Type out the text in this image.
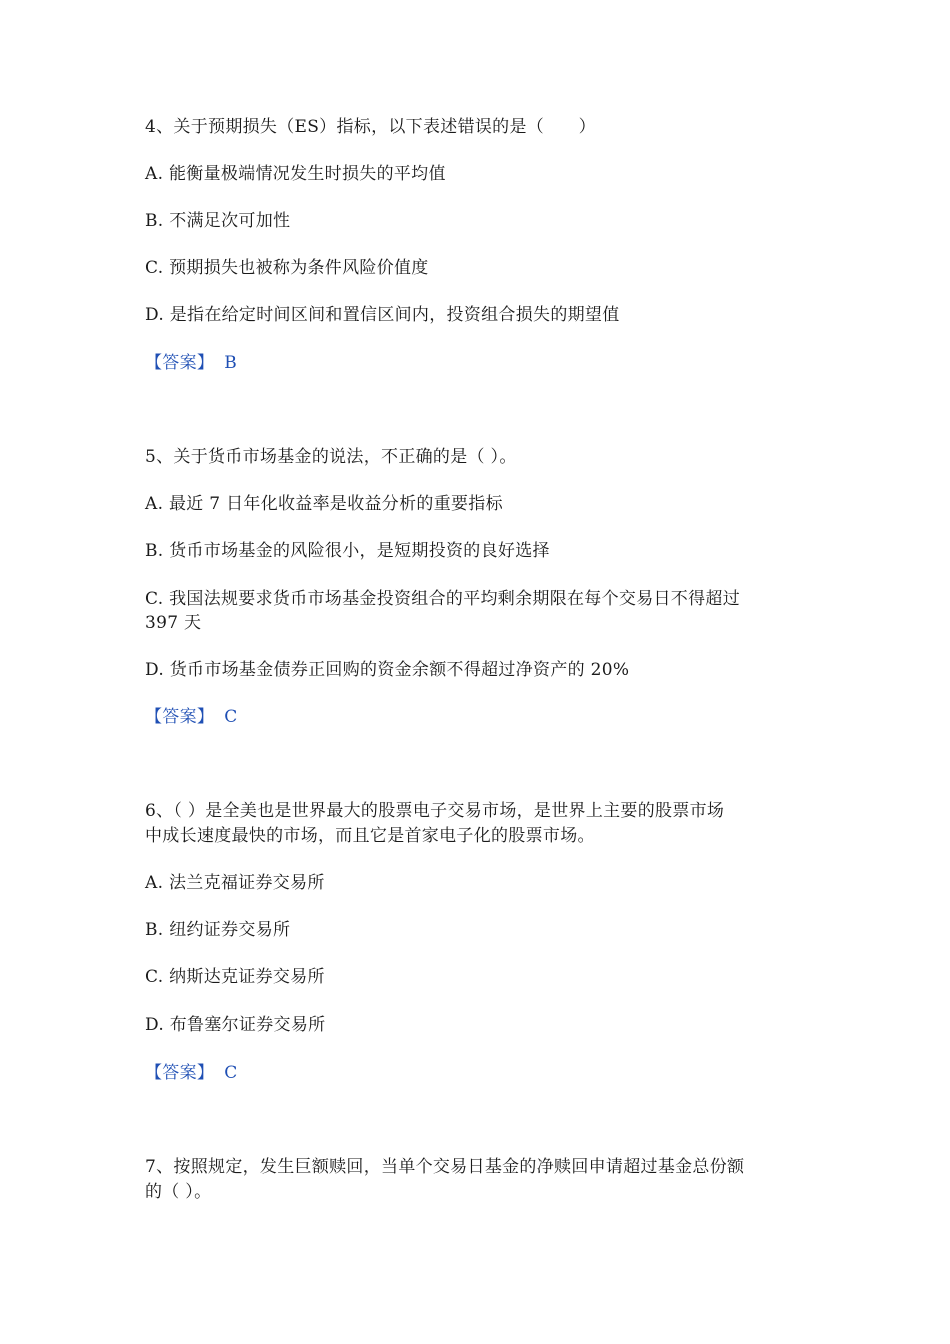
4、关于预期损失（ES）指标，以下表述错误的是（　　）
A. 能衡量极端情况发生时损失的平均值
B. 不满足次可加性
C. 预期损失也被称为条件风险价值度
D. 是指在给定时间区间和置信区间内，投资组合损失的期望值
【答案】 B
5、关于货币市场基金的说法，不正确的是（ ）。
A. 最近 7 日年化收益率是收益分析的重要指标
B. 货币市场基金的风险很小，是短期投资的良好选择
C. 我国法规要求货币市场基金投资组合的平均剩余期限在每个交易日不得超过
397 天
D. 货币市场基金债券正回购的资金余额不得超过净资产的 20%
【答案】 C
6、（ ）是全美也是世界最大的股票电子交易市场，是世界上主要的股票市场
中成长速度最快的市场，而且它是首家电子化的股票市场。
A. 法兰克福证券交易所
B. 纽约证券交易所
C. 纳斯达克证券交易所
D. 布鲁塞尔证券交易所
【答案】 C
7、按照规定，发生巨额赎回，当单个交易日基金的净赎回申请超过基金总份额
的（ ）。
